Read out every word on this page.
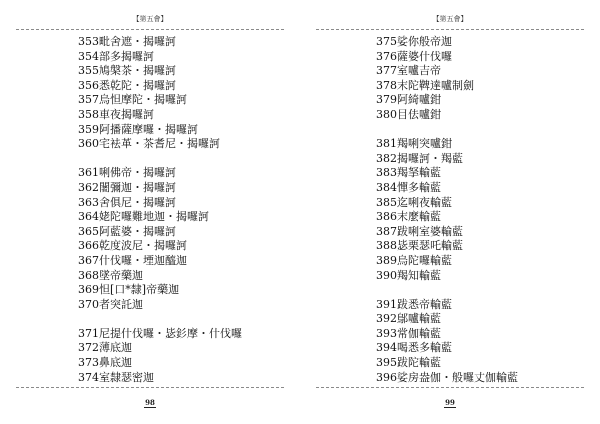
【第五會】
353毗舍遮・揭囉訶
354部多揭囉訶
355鳩槃茶・揭囉訶
356悉乾陀・揭囉訶
357烏怛摩陀・揭囉訶
358車夜揭囉訶
359阿播薩摩囉・揭囉訶
360宅袪革・茶耆尼・揭囉訶
361唎佛帝・揭囉訶
362闍彌迦・揭囉訶
363舍俱尼・揭囉訶
364姥陀囉難地迦・揭囉訶
365阿藍婆・揭囉訶
366乾度波尼・揭囉訶
367什伐囉・堙迦醯迦
368墜帝藥迦
369怛[口*隸]帝藥迦
370者突託迦
371尼提什伐囉・毖釤摩・什伐囉
372薄底迦
373鼻底迦
374室隸瑟密迦
98
【第五會】
375娑你般帝迦
376薩婆什伐囉
377室嚧吉帝
378末陀鞞達嚧制劍
379阿綺嚧鉗
380目佉嚧鉗
381羯唎突嚧鉗
382揭囉訶・羯藍
383羯拏輸藍
384憚多輸藍
385迄唎夜輸藍
386末麼輸藍
387跋唎室婆輸藍
388毖栗瑟吒輸藍
389烏陀囉輸藍
390羯知輸藍
391跋悉帝輸藍
392鄔嚧輸藍
393常伽輸藍
394喝悉多輸藍
395跋陀輸藍
396娑房盎伽・般囉丈伽輸藍
99
